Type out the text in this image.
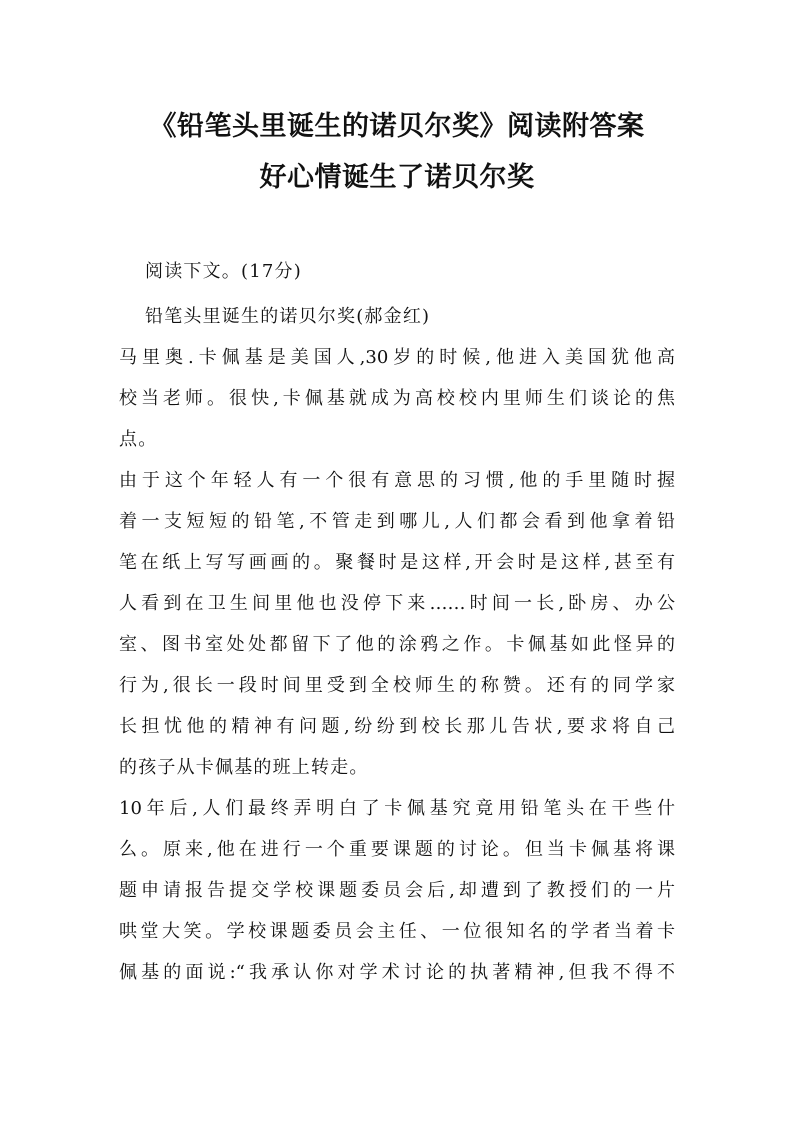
《铅笔头里诞生的诺贝尔奖》阅读附答案
好心情诞生了诺贝尔奖
阅读下文。(17分)
铅笔头里诞生的诺贝尔奖(郝金红)
马里奥.卡佩基是美国人,30岁的时候,他进入美国犹他高
校当老师。很快,卡佩基就成为高校校内里师生们谈论的焦
点。
由于这个年轻人有一个很有意思的习惯,他的手里随时握
着一支短短的铅笔,不管走到哪儿,人们都会看到他拿着铅
笔在纸上写写画画的。聚餐时是这样,开会时是这样,甚至有
人看到在卫生间里他也没停下来……时间一长,卧房、办公
室、图书室处处都留下了他的涂鸦之作。卡佩基如此怪异的
行为,很长一段时间里受到全校师生的称赞。还有的同学家
长担忧他的精神有问题,纷纷到校长那儿告状,要求将自己
的孩子从卡佩基的班上转走。
10年后,人们最终弄明白了卡佩基究竟用铅笔头在干些什
么。原来,他在进行一个重要课题的讨论。但当卡佩基将课
题申请报告提交学校课题委员会后,却遭到了教授们的一片
哄堂大笑。学校课题委员会主任、一位很知名的学者当着卡
佩基的面说:“我承认你对学术讨论的执著精神,但我不得不
